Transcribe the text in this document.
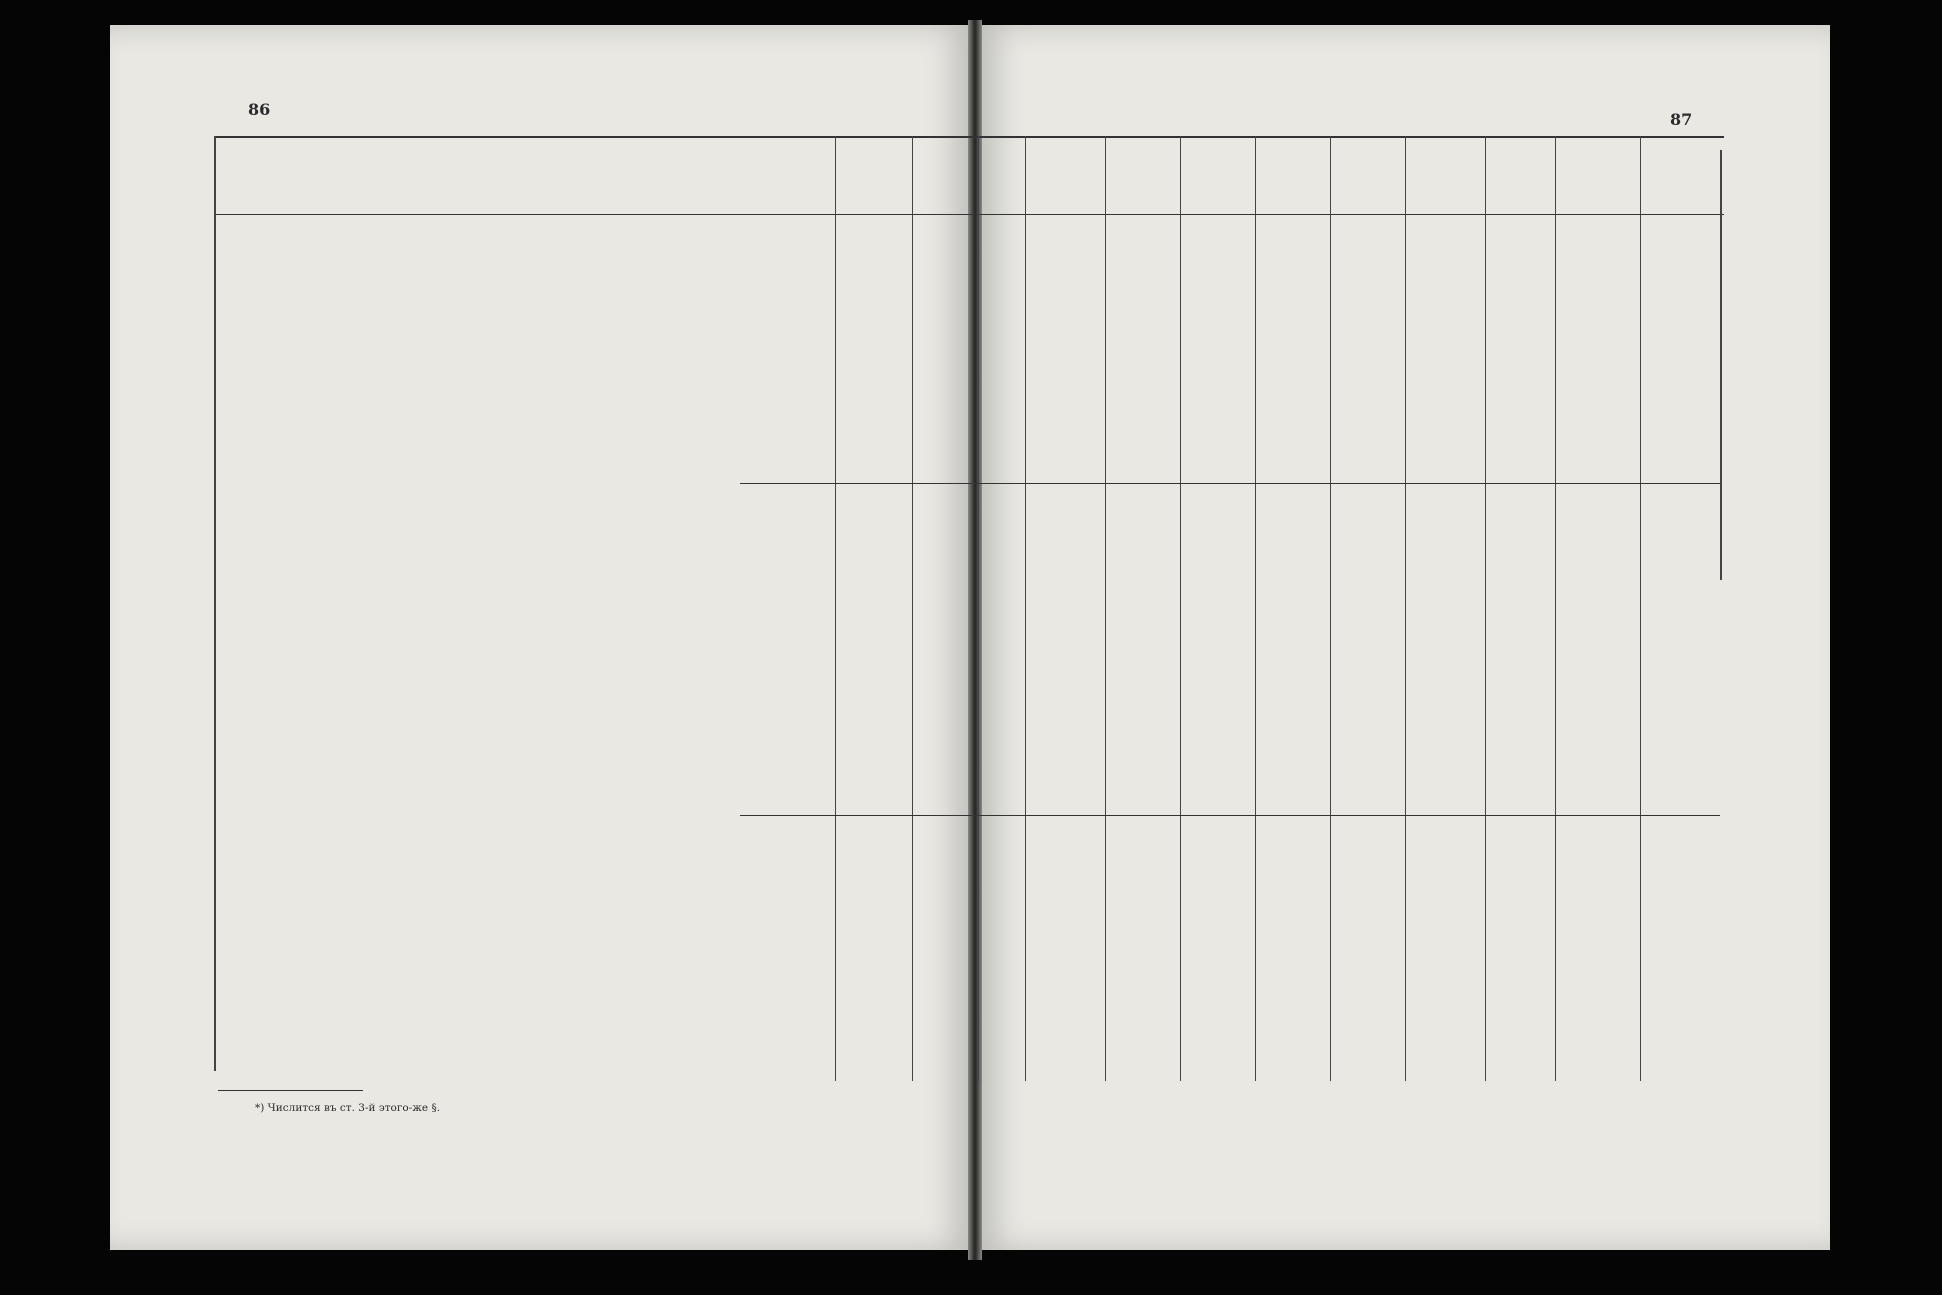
86
87
*) Числится въ ст. 3-й этого-же §.
